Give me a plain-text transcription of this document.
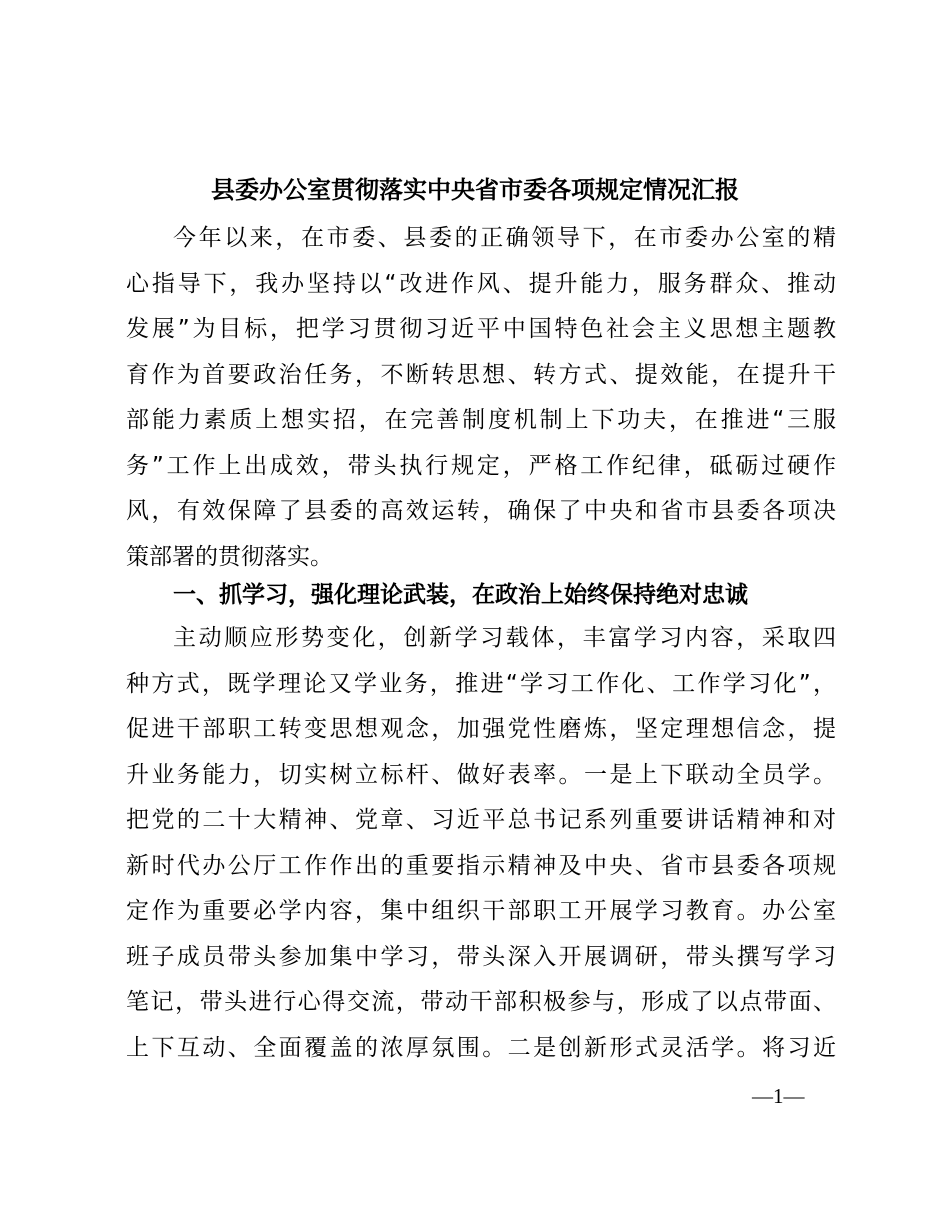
县委办公室贯彻落实中央省市委各项规定情况汇报
今年以来，在市委、县委的正确领导下，在市委办公室的精
心指导下，我办坚持以“改进作风、提升能力，服务群众、推动
发展”为目标，把学习贯彻习近平中国特色社会主义思想主题教
育作为首要政治任务，不断转思想、转方式、提效能，在提升干
部能力素质上想实招，在完善制度机制上下功夫，在推进“三服
务”工作上出成效，带头执行规定，严格工作纪律，砥砺过硬作
风，有效保障了县委的高效运转，确保了中央和省市县委各项决
策部署的贯彻落实。
一、抓学习，强化理论武装，在政治上始终保持绝对忠诚
主动顺应形势变化，创新学习载体，丰富学习内容，采取四
种方式，既学理论又学业务，推进“学习工作化、工作学习化”，
促进干部职工转变思想观念，加强党性磨炼，坚定理想信念，提
升业务能力，切实树立标杆、做好表率。一是上下联动全员学。
把党的二十大精神、党章、习近平总书记系列重要讲话精神和对
新时代办公厅工作作出的重要指示精神及中央、省市县委各项规
定作为重要必学内容，集中组织干部职工开展学习教育。办公室
班子成员带头参加集中学习，带头深入开展调研，带头撰写学习
笔记，带头进行心得交流，带动干部积极参与，形成了以点带面、
上下互动、全面覆盖的浓厚氛围。二是创新形式灵活学。将习近
—1—
